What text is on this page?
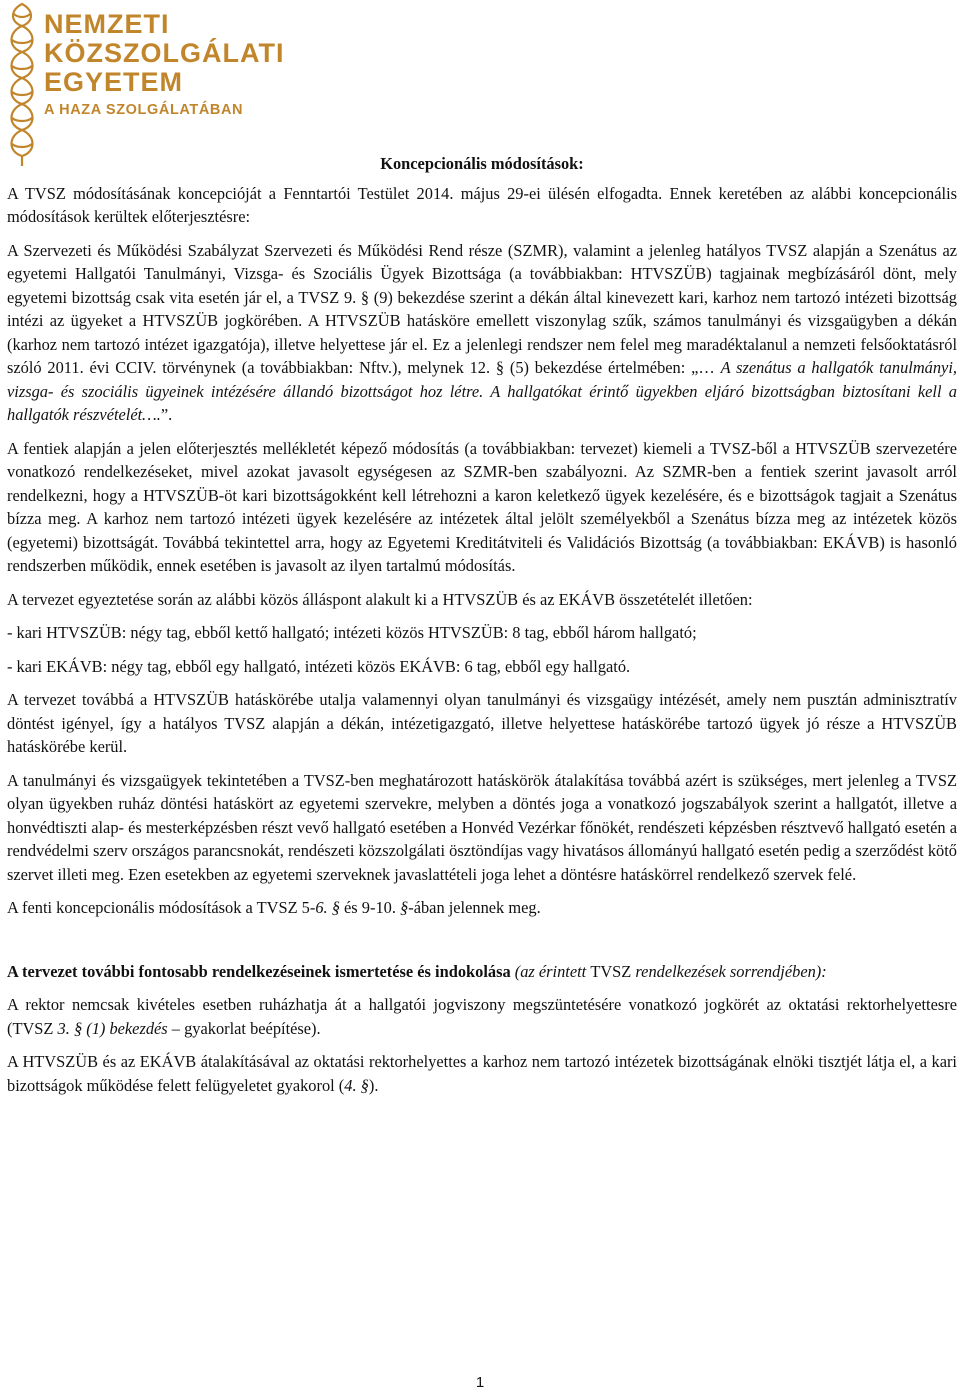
NEMZETI
KÖZSZOLGÁLATI
EGYETEM
A HAZA SZOLGÁLATÁBAN

Koncepcionális módosítások:

A TVSZ módosításának koncepcióját a Fenntartói Testület 2014. május 29-ei ülésén elfogadta. Ennek keretében az alábbi koncepcionális módosítások kerültek előterjesztésre:

A Szervezeti és Működési Szabályzat Szervezeti és Működési Rend része (SZMR), valamint a jelenleg hatályos TVSZ alapján a Szenátus az egyetemi Hallgatói Tanulmányi, Vizsga- és Szociális Ügyek Bizottsága (a továbbiakban: HTVSZÜB) tagjainak megbízásáról dönt, mely egyetemi bizottság csak vita esetén jár el, a TVSZ 9. § (9) bekezdése szerint a dékán által kinevezett kari, karhoz nem tartozó intézeti bizottság intézi az ügyeket a HTVSZÜB jogkörében. A HTVSZÜB hatásköre emellett viszonylag szűk, számos tanulmányi és vizsgaügyben a dékán (karhoz nem tartozó intézet igazgatója), illetve helyettese jár el. Ez a jelenlegi rendszer nem felel meg maradéktalanul a nemzeti felsőoktatásról szóló 2011. évi CCIV. törvénynek (a továbbiakban: Nftv.), melynek 12. § (5) bekezdése értelmében: „… A szenátus a hallgatók tanulmányi, vizsga- és szociális ügyeinek intézésére állandó bizottságot hoz létre. A hallgatókat érintő ügyekben eljáró bizottságban biztosítani kell a hallgatók részvételét….”.

A fentiek alapján a jelen előterjesztés mellékletét képező módosítás (a továbbiakban: tervezet) kiemeli a TVSZ-ből a HTVSZÜB szervezetére vonatkozó rendelkezéseket, mivel azokat javasolt egységesen az SZMR-ben szabályozni. Az SZMR-ben a fentiek szerint javasolt arról rendelkezni, hogy a HTVSZÜB-öt kari bizottságokként kell létrehozni a karon keletkező ügyek kezelésére, és e bizottságok tagjait a Szenátus bízza meg. A karhoz nem tartozó intézeti ügyek kezelésére az intézetek által jelölt személyekből a Szenátus bízza meg az intézetek közös (egyetemi) bizottságát. Továbbá tekintettel arra, hogy az Egyetemi Kreditátviteli és Validációs Bizottság (a továbbiakban: EKÁVB) is hasonló rendszerben működik, ennek esetében is javasolt az ilyen tartalmú módosítás.

A tervezet egyeztetése során az alábbi közös álláspont alakult ki a HTVSZÜB és az EKÁVB összetételét illetően:

- kari HTVSZÜB: négy tag, ebből kettő hallgató; intézeti közös HTVSZÜB: 8 tag, ebből három hallgató;

- kari EKÁVB: négy tag, ebből egy hallgató, intézeti közös EKÁVB: 6 tag, ebből egy hallgató.

A tervezet továbbá a HTVSZÜB hatáskörébe utalja valamennyi olyan tanulmányi és vizsgaügy intézését, amely nem pusztán adminisztratív döntést igényel, így a hatályos TVSZ alapján a dékán, intézetigazgató, illetve helyettese hatáskörébe tartozó ügyek jó része a HTVSZÜB hatáskörébe kerül.

A tanulmányi és vizsgaügyek tekintetében a TVSZ-ben meghatározott hatáskörök átalakítása továbbá azért is szükséges, mert jelenleg a TVSZ olyan ügyekben ruház döntési hatáskört az egyetemi szervekre, melyben a döntés joga a vonatkozó jogszabályok szerint a hallgatót, illetve a honvédtiszti alap- és mesterképzésben részt vevő hallgató esetében a Honvéd Vezérkar főnökét, rendészeti képzésben résztvevő hallgató esetén a rendvédelmi szerv országos parancsnokát, rendészeti közszolgálati ösztöndíjas vagy hivatásos állományú hallgató esetén pedig a szerződést kötő szervet illeti meg. Ezen esetekben az egyetemi szerveknek javaslattételi joga lehet a döntésre hatáskörrel rendelkező szervek felé.

A fenti koncepcionális módosítások a TVSZ 5-6. § és 9-10. §-ában jelennek meg.

A tervezet további fontosabb rendelkezéseinek ismertetése és indokolása (az érintett TVSZ rendelkezések sorrendjében):

A rektor nemcsak kivételes esetben ruházhatja át a hallgatói jogviszony megszüntetésére vonatkozó jogkörét az oktatási rektorhelyettesre (TVSZ 3. § (1) bekezdés – gyakorlat beépítése).

A HTVSZÜB és az EKÁVB átalakításával az oktatási rektorhelyettes a karhoz nem tartozó intézetek bizottságának elnöki tisztjét látja el, a kari bizottságok működése felett felügyeletet gyakorol (4. §).

1
